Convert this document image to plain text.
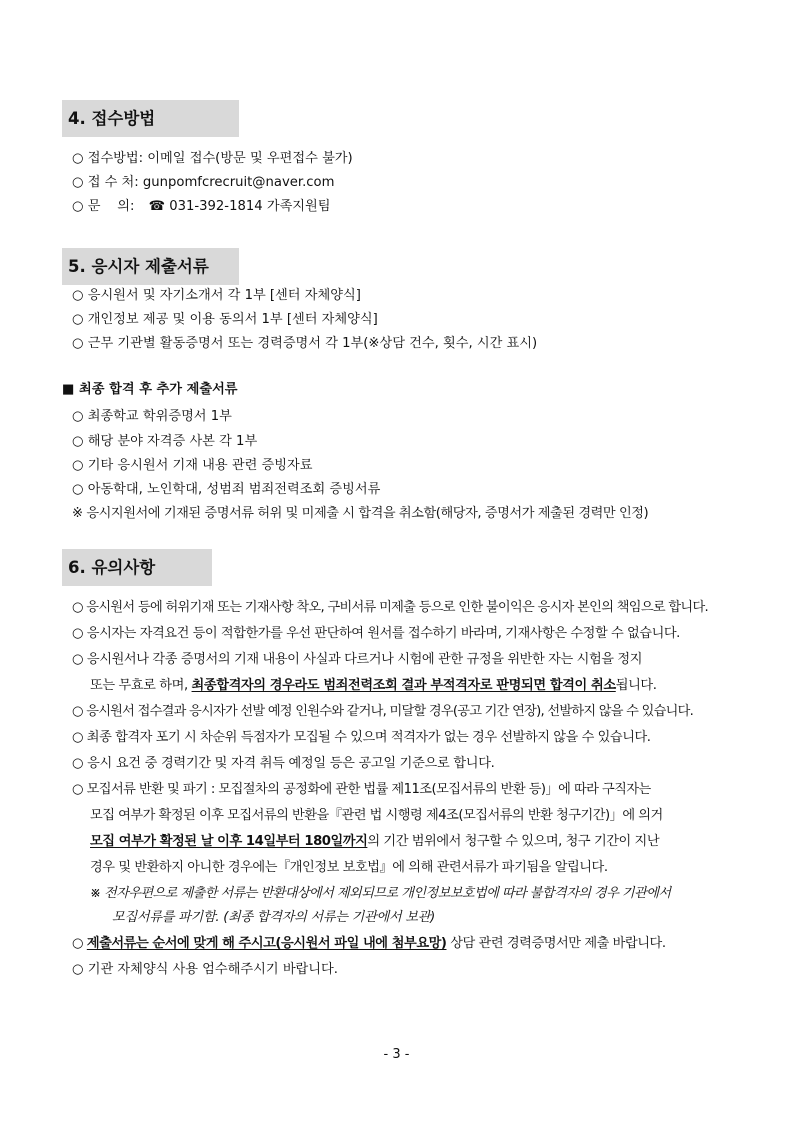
4. 접수방법
○ 접수방법: 이메일 접수(방문 및 우편접수 불가)
○ 접 수 처: gunpomfcrecruit@naver.com
○ 문    의: ☎ 031-392-1814 가족지원팀
5. 응시자 제출서류
○ 응시원서 및 자기소개서 각 1부 [센터 자체양식]
○ 개인정보 제공 및 이용 동의서 1부 [센터 자체양식]
○ 근무 기관별 활동증명서 또는 경력증명서 각 1부(※상담 건수, 횟수, 시간 표시)
■ 최종 합격 후 추가 제출서류
○ 최종학교 학위증명서 1부
○ 해당 분야 자격증 사본 각 1부
○ 기타 응시원서 기재 내용 관련 증빙자료
○ 아동학대, 노인학대, 성범죄 범죄전력조회 증빙서류
※ 응시지원서에 기재된 증명서류 허위 및 미제출 시 합격을 취소함(해당자, 증명서가 제출된 경력만 인정)
6. 유의사항
○ 응시원서 등에 허위기재 또는 기재사항 착오, 구비서류 미제출 등으로 인한 불이익은 응시자 본인의 책임으로 합니다.
○ 응시자는 자격요건 등이 적합한가를 우선 판단하여 원서를 접수하기 바라며, 기재사항은 수정할 수 없습니다.
○ 응시원서나 각종 증명서의 기재 내용이 사실과 다르거나 시험에 관한 규정을 위반한 자는 시험을 정지
또는 무효로 하며, 최종합격자의 경우라도 범죄전력조회 결과 부적격자로 판명되면 합격이 취소됩니다.
○ 응시원서 접수결과 응시자가 선발 예정 인원수와 같거나, 미달할 경우(공고 기간 연장), 선발하지 않을 수 있습니다.
○ 최종 합격자 포기 시 차순위 득점자가 모집될 수 있으며 적격자가 없는 경우 선발하지 않을 수 있습니다.
○ 응시 요건 중 경력기간 및 자격 취득 예정일 등은 공고일 기준으로 합니다.
○ 모집서류 반환 및 파기 : 모집절차의 공정화에 관한 법률 제11조(모집서류의 반환 등)」에 따라 구직자는
모집 여부가 확정된 이후 모집서류의 반환을『관련 법 시행령 제4조(모집서류의 반환 청구기간)」에 의거
모집 여부가 확정된 날 이후 14일부터 180일까지의 기간 범위에서 청구할 수 있으며, 청구 기간이 지난
경우 및 반환하지 아니한 경우에는『개인정보 보호법』에 의해 관련서류가 파기됨을 알립니다.
※ 전자우편으로 제출한 서류는 반환대상에서 제외되므로 개인정보보호법에 따라 불합격자의 경우 기관에서
모집서류를 파기함. (최종 합격자의 서류는 기관에서 보관)
○ 제출서류는 순서에 맞게 해 주시고(응시원서 파일 내에 첨부요망) 상담 관련 경력증명서만 제출 바랍니다.
○ 기관 자체양식 사용 엄수해주시기 바랍니다.
- 3 -
